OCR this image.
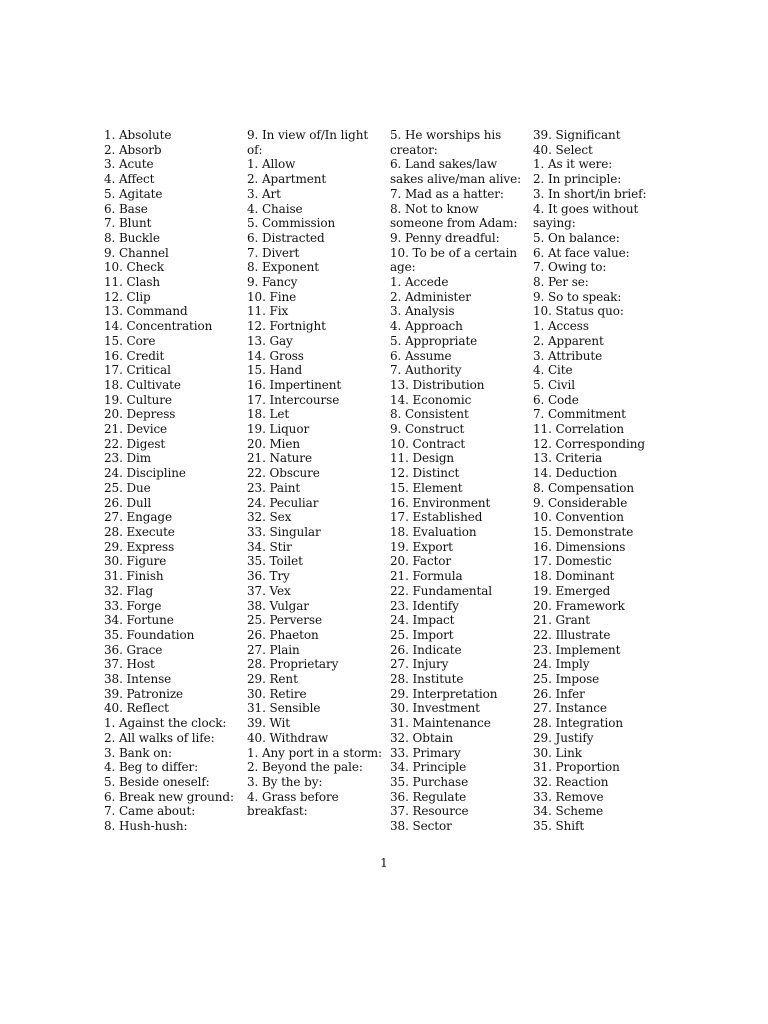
1. Absolute
2. Absorb
3. Acute
4. Affect
5. Agitate
6. Base
7. Blunt
8. Buckle
9. Channel
10. Check
11. Clash
12. Clip
13. Command
14. Concentration
15. Core
16. Credit
17. Critical
18. Cultivate
19. Culture
20. Depress
21. Device
22. Digest
23. Dim
24. Discipline
25. Due
26. Dull
27. Engage
28. Execute
29. Express
30. Figure
31. Finish
32. Flag
33. Forge
34. Fortune
35. Foundation
36. Grace
37. Host
38. Intense
39. Patronize
40. Reflect
1. Against the clock:
2. All walks of life:
3. Bank on:
4. Beg to differ:
5. Beside oneself:
6. Break new ground:
7. Came about:
8. Hush-hush:
9. In view of/In light of:
1. Allow
2. Apartment
3. Art
4. Chaise
5. Commission
6. Distracted
7. Divert
8. Exponent
9. Fancy
10. Fine
11. Fix
12. Fortnight
13. Gay
14. Gross
15. Hand
16. Impertinent
17. Intercourse
18. Let
19. Liquor
20. Mien
21. Nature
22. Obscure
23. Paint
24. Peculiar
32. Sex
33. Singular
34. Stir
35. Toilet
36. Try
37. Vex
38. Vulgar
25. Perverse
26. Phaeton
27. Plain
28. Proprietary
29. Rent
30. Retire
31. Sensible
39. Wit
40. Withdraw
1. Any port in a storm:
2. Beyond the pale:
3. By the by:
4. Grass before breakfast:
5. He worships his creator:
6. Land sakes/law sakes alive/man alive:
7. Mad as a hatter:
8. Not to know someone from Adam:
9. Penny dreadful:
10. To be of a certain age:
1. Accede
2. Administer
3. Analysis
4. Approach
5. Appropriate
6. Assume
7. Authority
13. Distribution
14. Economic
8. Consistent
9. Construct
10. Contract
11. Design
12. Distinct
15. Element
16. Environment
17. Established
18. Evaluation
19. Export
20. Factor
21. Formula
22. Fundamental
23. Identify
24. Impact
25. Import
26. Indicate
27. Injury
28. Institute
29. Interpretation
30. Investment
31. Maintenance
32. Obtain
33. Primary
34. Principle
35. Purchase
36. Regulate
37. Resource
38. Sector
39. Significant
40. Select
1. As it were:
2. In principle:
3. In short/in brief:
4. It goes without saying:
5. On balance:
6. At face value:
7. Owing to:
8. Per se:
9. So to speak:
10. Status quo:
1. Access
2. Apparent
3. Attribute
4. Cite
5. Civil
6. Code
7. Commitment
11. Correlation
12. Corresponding
13. Criteria
14. Deduction
8. Compensation
9. Considerable
10. Convention
15. Demonstrate
16. Dimensions
17. Domestic
18. Dominant
19. Emerged
20. Framework
21. Grant
22. Illustrate
23. Implement
24. Imply
25. Impose
26. Infer
27. Instance
28. Integration
29. Justify
30. Link
31. Proportion
32. Reaction
33. Remove
34. Scheme
35. Shift
1
